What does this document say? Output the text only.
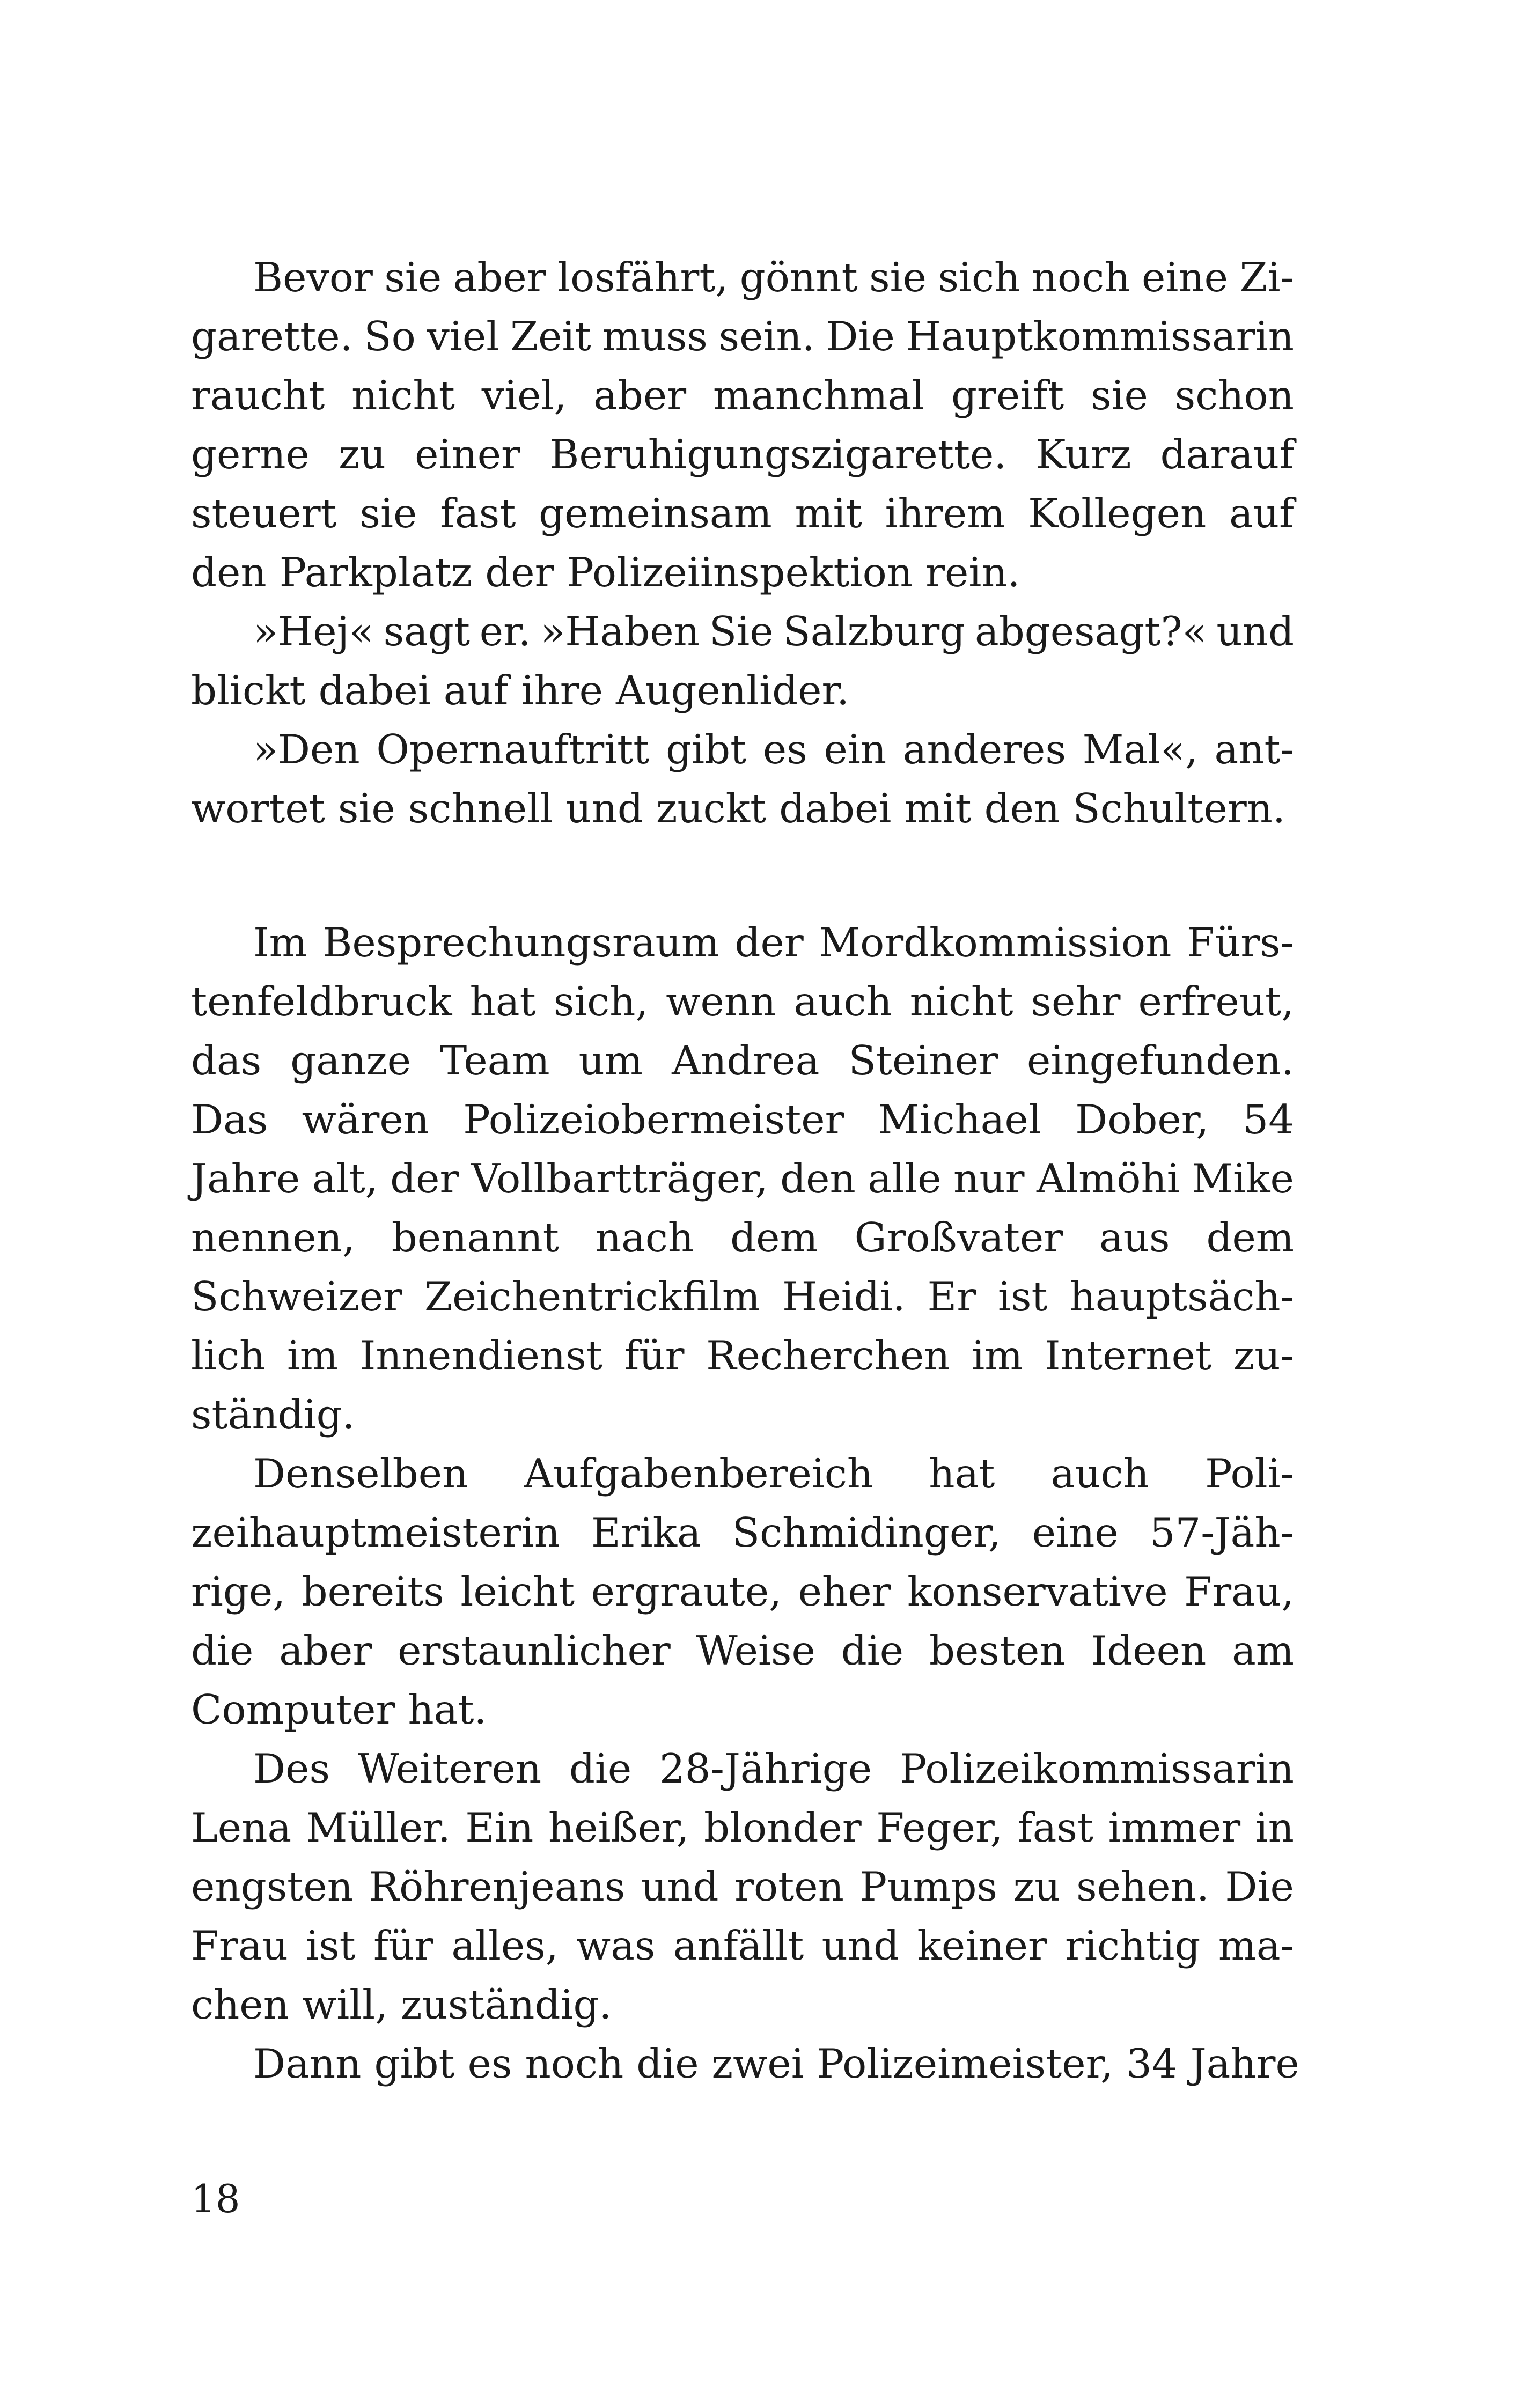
Bevor sie aber losfährt, gönnt sie sich noch eine Zi-
garette. So viel Zeit muss sein. Die Hauptkommissarin
raucht nicht viel, aber manchmal greift sie schon
gerne zu einer Beruhigungszigarette. Kurz darauf
steuert sie fast gemeinsam mit ihrem Kollegen auf
den Parkplatz der Polizeiinspektion rein.
»Hej« sagt er. »Haben Sie Salzburg abgesagt?« und
blickt dabei auf ihre Augenlider.
»Den Opernauftritt gibt es ein anderes Mal«, ant-
wortet sie schnell und zuckt dabei mit den Schultern.
Im Besprechungsraum der Mordkommission Fürs-
tenfeldbruck hat sich, wenn auch nicht sehr erfreut,
das ganze Team um Andrea Steiner eingefunden.
Das wären Polizeiobermeister Michael Dober, 54
Jahre alt, der Vollbartträger, den alle nur Almöhi Mike
nennen, benannt nach dem Großvater aus dem
Schweizer Zeichentrickfilm Heidi. Er ist hauptsäch-
lich im Innendienst für Recherchen im Internet zu-
ständig.
Denselben Aufgabenbereich hat auch Poli-
zeihauptmeisterin Erika Schmidinger, eine 57-Jäh-
rige, bereits leicht ergraute, eher konservative Frau,
die aber erstaunlicher Weise die besten Ideen am
Computer hat.
Des Weiteren die 28-Jährige Polizeikommissarin
Lena Müller. Ein heißer, blonder Feger, fast immer in
engsten Röhrenjeans und roten Pumps zu sehen. Die
Frau ist für alles, was anfällt und keiner richtig ma-
chen will, zuständig.
Dann gibt es noch die zwei Polizeimeister, 34 Jahre
18
